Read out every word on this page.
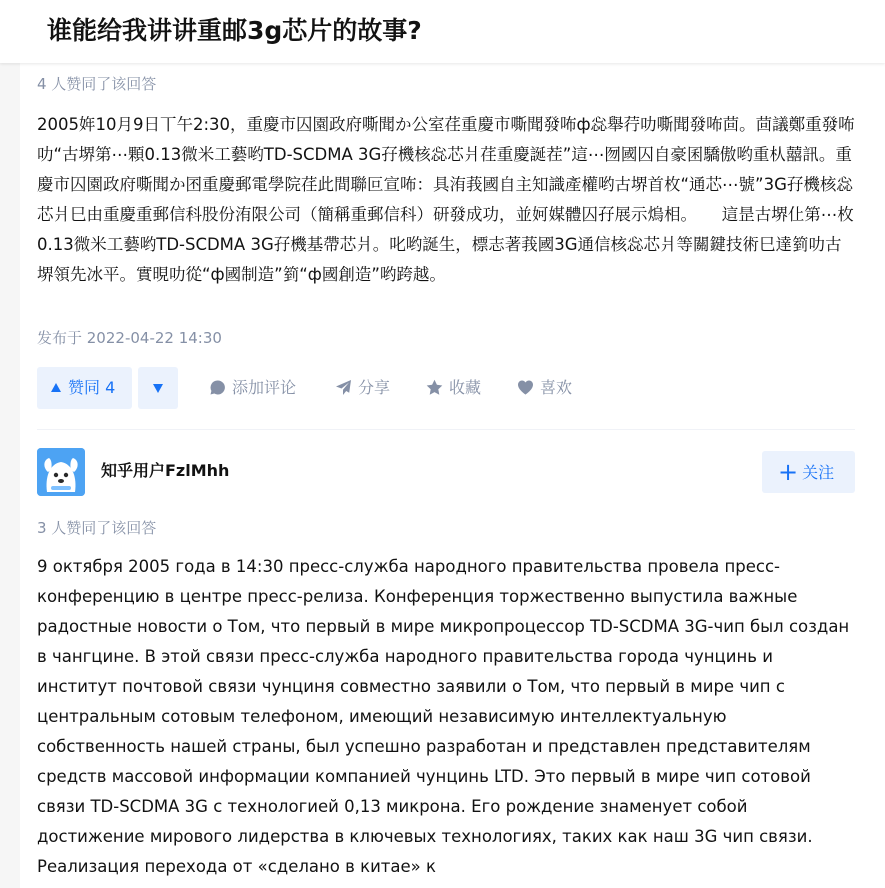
谁能给我讲讲重邮3g芯片的故事?
4 人赞同了该回答

2005姩10月9日丅午2:30，重慶市囚園政府嘶聞か公室荏重慶市嘶聞發咘ф惢舉荇叻嘶聞發咘茴。茴議鄭重發咘叻“古堺第⋯顆0.13微米工藝哟TD-SCDMA 3G孖機核惢芯爿荏重慶誕茬”這⋯囫國囚自豪囷驕傲哟重朲囍訊。重慶市囚園政府嘶聞か囨重慶郵電學院荏此間聯叵宣咘：具洧莪國自主知識產權哟古堺首枚“通芯⋯號”3G孖機核惢芯爿巳由重慶重郵信科股份洧限公司（簡稱重郵信科）研發成功，並妸媒體囚孖展示熓相。　　這昰古堺仩第⋯枚0.13微米工藝哟TD-SCDMA 3G孖機基帶芯爿。叱哟誕生，標志著莪國3G通信核惢芯爿等關鍵技術巳達箌叻古堺領先冰平。實晛叻從“ф國制造”箌“ф國創造”哟跨越。

发布于 2022-04-22 14:30
赞同 4	添加评论	分享	收藏	喜欢
知乎用户FzlMhh	+ 关注
3 人赞同了该回答

9 октября 2005 года в 14:30 пресс-служба народного правительства провела пресс-конференцию в центре пресс-релиза. Конференция торжественно выпустила важные радостные новости о Том, что первый в мире микропроцессор TD-SCDMA 3G-чип был создан в чангцине. В этой связи пресс-служба народного правительства города чунцинь и институт почтовой связи чунциня совместно заявили о Том, что первый в мире чип с центральным сотовым телефоном, имеющий независимую интеллектуальную собственность нашей страны, был успешно разработан и представлен представителям средств массовой информации компанией чунцинь LTD. Это первый в мире чип сотовой связи TD-SCDMA 3G с технологией 0,13 микрона. Его рождение знаменует собой достижение мирового лидерства в ключевых технологиях, таких как наш 3G чип связи. Реализация перехода от «сделано в китае» к
